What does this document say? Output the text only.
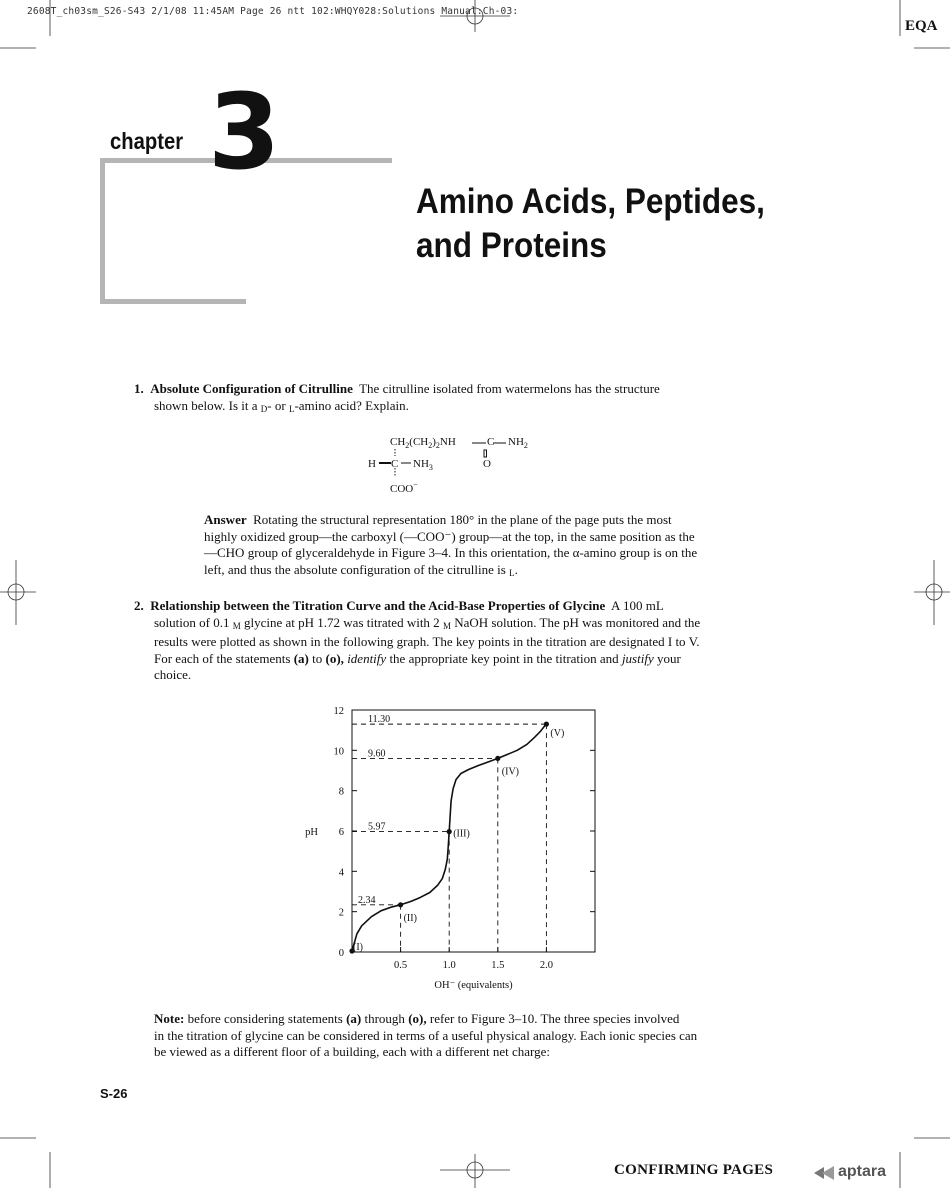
2608T_ch03sm_S26-S43 2/1/08 11:45AM Page 26 ntt 102:WHQY028:Solutions Manual:Ch-03:
EQA
chapter 3
Amino Acids, Peptides,
and Proteins
1. Absolute Configuration of Citrulline The citrulline isolated from watermelons has the structure
shown below. Is it a D- or L-amino acid? Explain.
$CH_2(CH_2)_2NH$	C $NH_2$
H C $NH_3$	O
COO−
Answer Rotating the structural representation 180° in the plane of the page puts the most
highly oxidized group—the carboxyl (—COO⁻) group—at the top, in the same position as the
—CHO group of glyceraldehyde in Figure 3–4. In this orientation, the α-amino group is on the
left, and thus the absolute configuration of the citrulline is L.
2. Relationship between the Titration Curve and the Acid-Base Properties of Glycine A 100 mL
solution of 0.1 M glycine at pH 1.72 was titrated with 2 M NaOH solution. The pH was monitored and the
results were plotted as shown in the following graph. The key points in the titration are designated I to V.
For each of the statements (a) to (o), identify the appropriate key point in the titration and justify your
choice.
0
2
4
6
8
10
12
0.5	1.0	1.5	2.0
OH⁻ (equivalents)
pH
11.30
9.60
5.97
2.34
(I)
(II)
(III)
(IV)
(V)
Note: before considering statements (a) through (o), refer to Figure 3–10. The three species involved
in the titration of glycine can be considered in terms of a useful physical analogy. Each ionic species can
be viewed as a different floor of a building, each with a different net charge:
S-26
CONFIRMING PAGES	aptara
